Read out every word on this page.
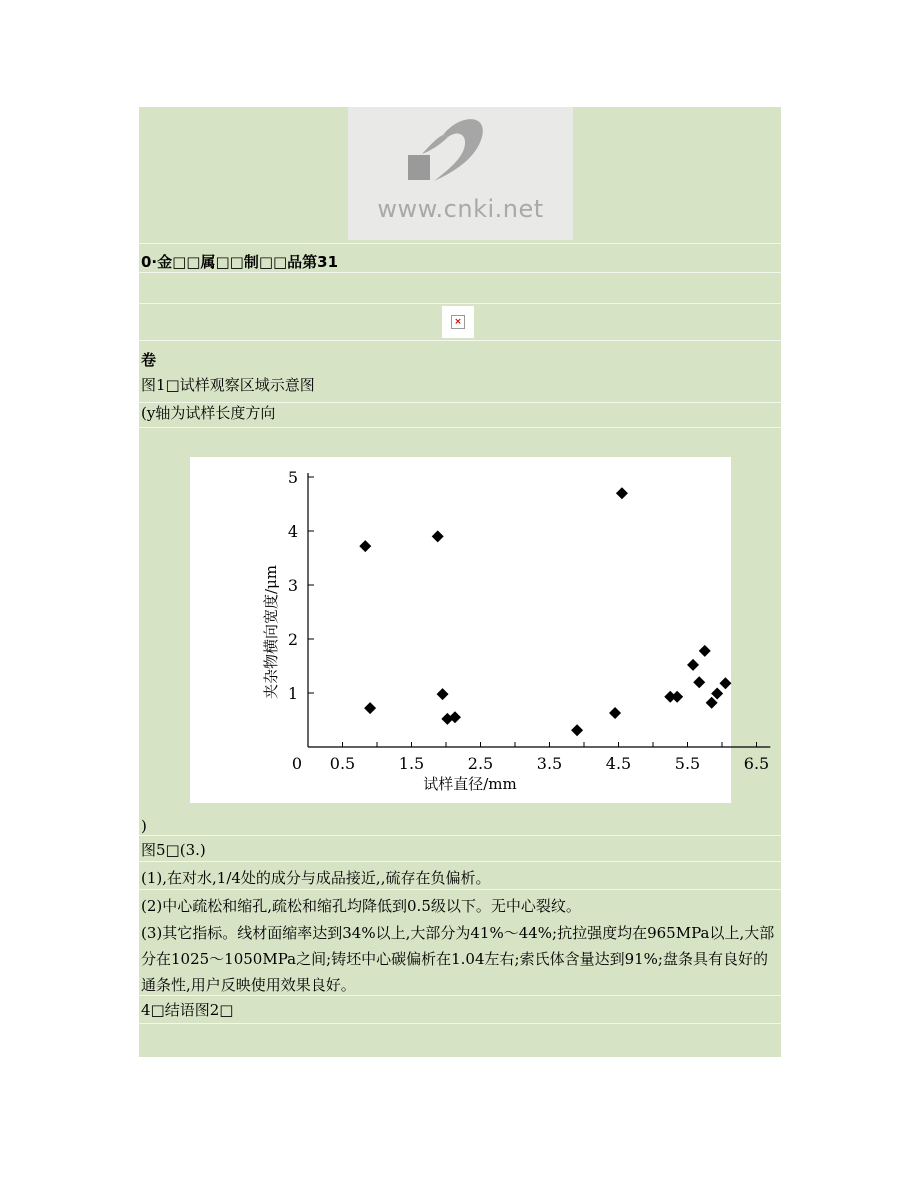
www.cnki.net
0·金□□属□□制□□品第31
×
卷
图1□试样观察区域示意图
(y轴为试样长度方向
1
2
3
4
5
0 0.5	1.5	2.5	3.5	4.5	5.5	6.5
试样直径/mm
夹杂物横向宽度/μm
)
图5□(3.)
(1),在对水,1/4处的成分与成品接近,,硫存在负偏析。
(2)中心疏松和缩孔,疏松和缩孔均降低到0.5级以下。无中心裂纹。
(3)其它指标。线材面缩率达到34%以上,大部分为41%～44%;抗拉强度均在965MPa以上,大部分在1025～1050MPa之间;铸坯中心碳偏析在1.04左右;索氏体含量达到91%;盘条具有良好的通条性,用户反映使用效果良好。
4□结语图2□
